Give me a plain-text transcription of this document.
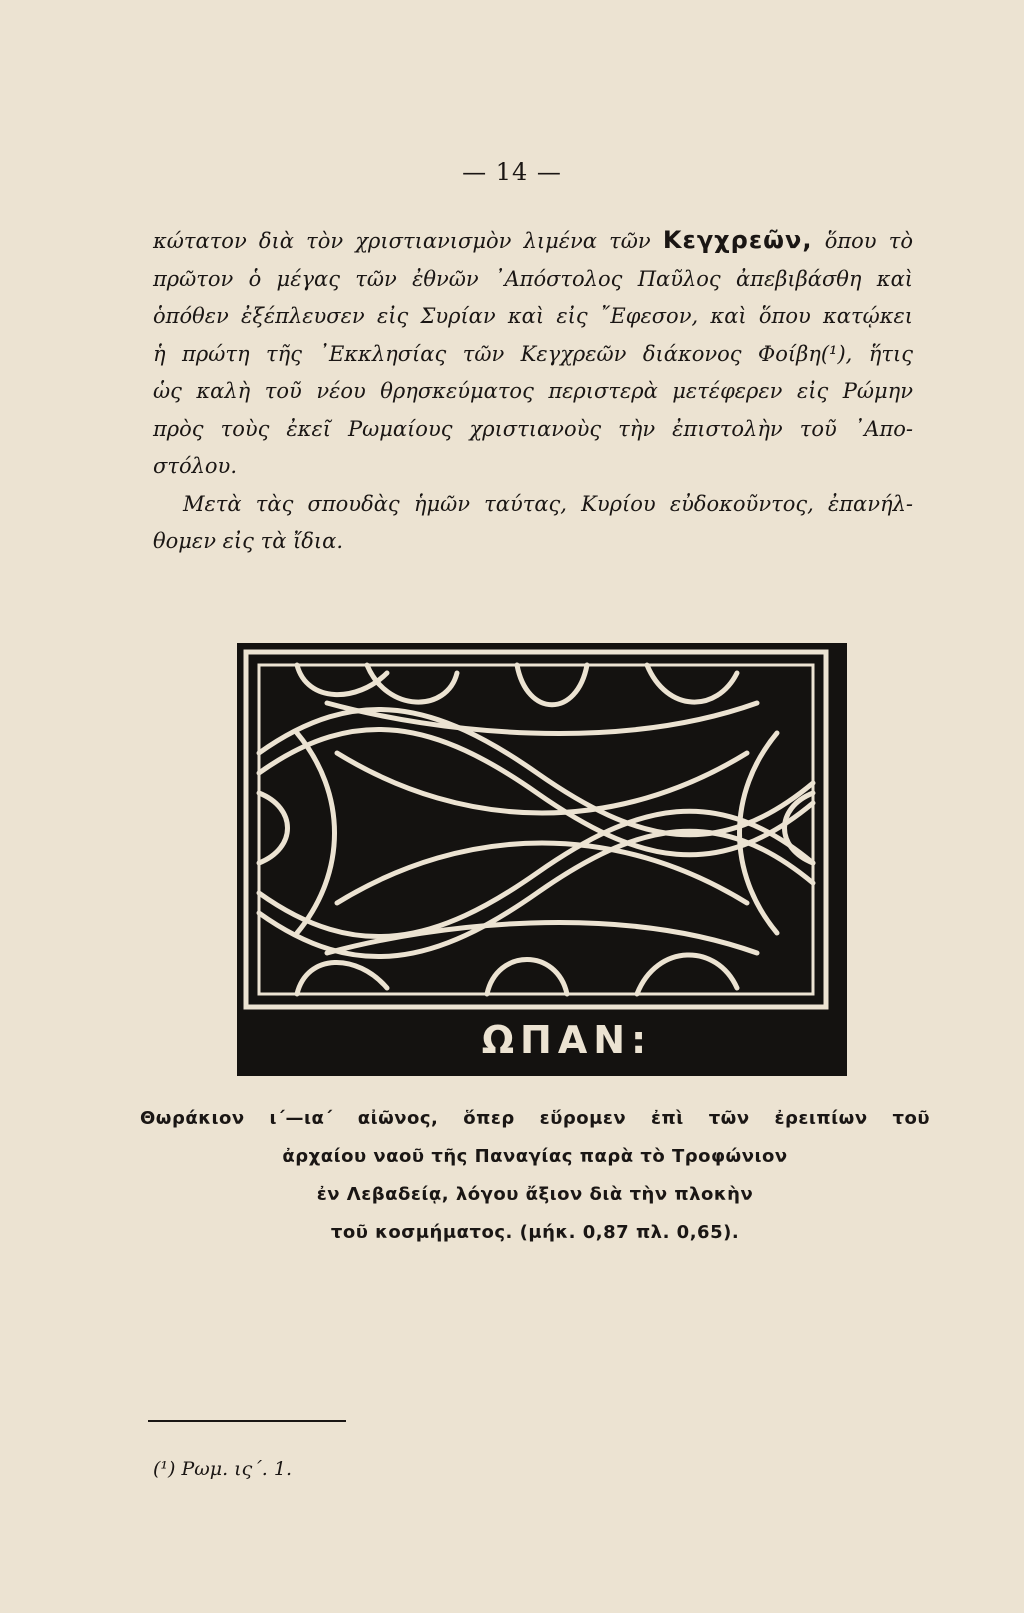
— 14 —
κώτατον διὰ τὸν χριστιανισμὸν λιμένα τῶν Κεγχρεῶν, ὅπου τὸ
πρῶτον ὁ μέγας τῶν ἐθνῶν ᾿Απόστολος Παῦλος ἀπεβιβάσθη καὶ
ὁπόθεν ἐξέπλευσεν εἰς Συρίαν καὶ εἰς ῎Εφεσον, καὶ ὅπου κατῴκει
ἡ πρώτη τῆς ᾿Εκκλησίας τῶν Κεγχρεῶν διάκονος Φοίβη(¹), ἥτις
ὡς καλὴ τοῦ νέου θρησκεύματος περιστερὰ μετέφερεν εἰς Ρώμην
πρὸς τοὺς ἐκεῖ Ρωμαίους χριστιανοὺς τὴν ἐπιστολὴν τοῦ ᾿Απο-
στόλου.
Μετὰ τὰς σπουδὰς ἡμῶν ταύτας, Κυρίου εὐδοκοῦντος, ἐπανήλ-
θομεν εἰς τὰ ἴδια.
ΩΠΑΝ:
Θωράκιον ι΄—ια΄ αἰῶνος, ὅπερ εὕρομεν ἐπὶ τῶν ἐρειπίων τοῦ
ἀρχαίου ναοῦ τῆς Παναγίας παρὰ τὸ Τροφώνιον
ἐν Λεβαδείᾳ, λόγου ἄξιον διὰ τὴν πλοκὴν
τοῦ κοσμήματος. (μήκ. 0,87 πλ. 0,65).
(¹) Ρωμ. ις΄. 1.
